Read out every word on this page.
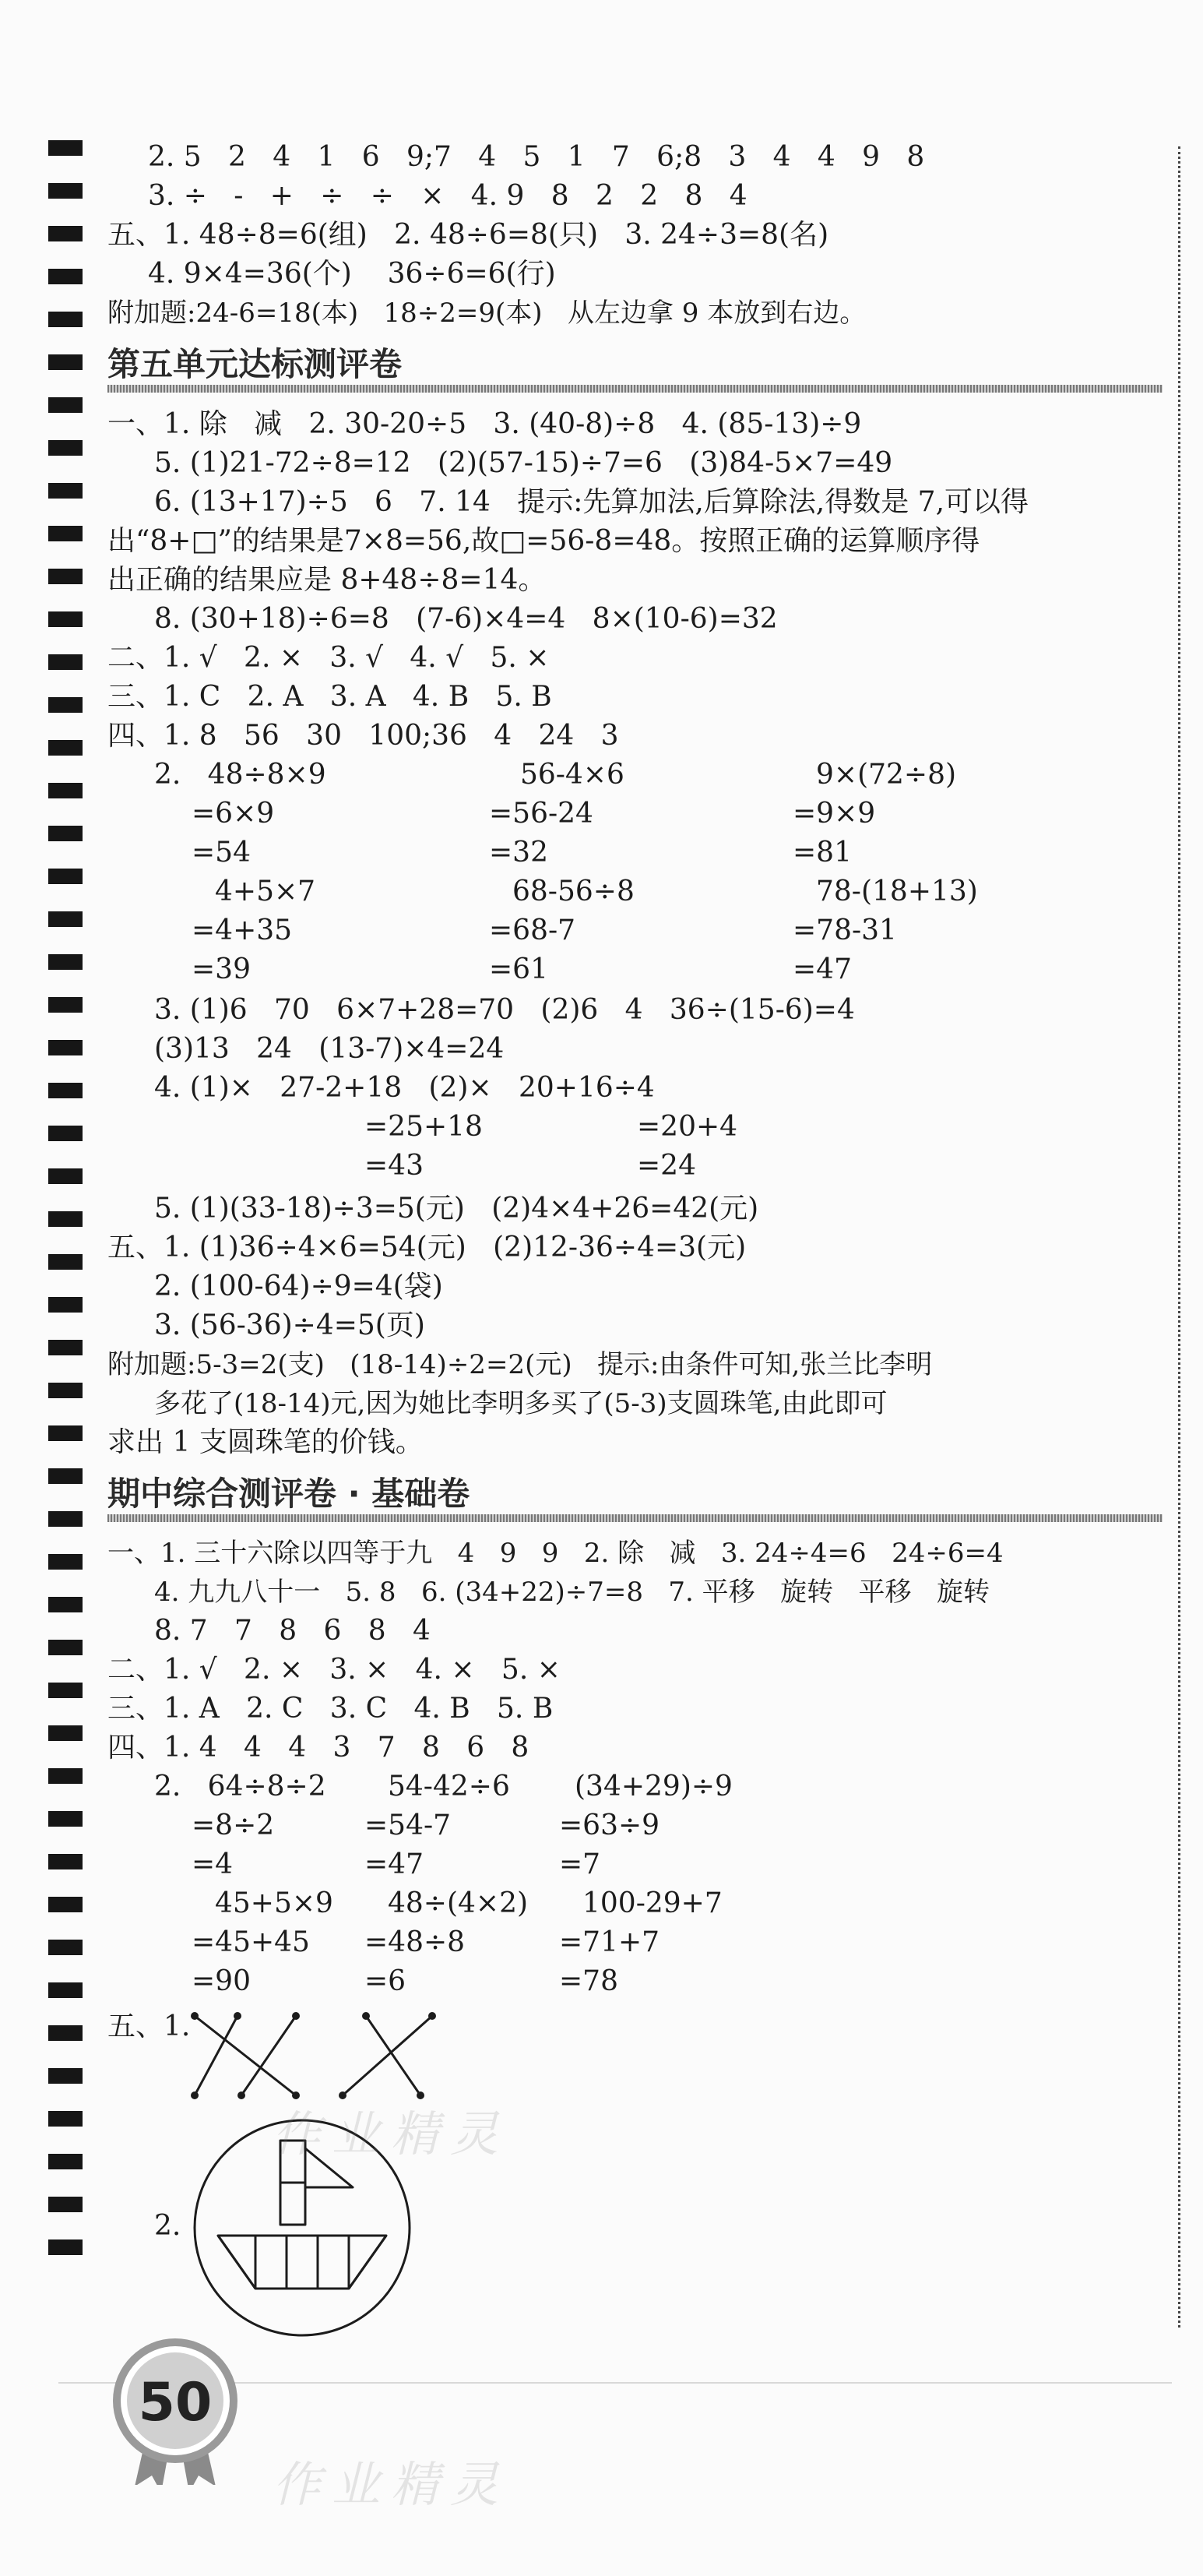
2. 5   2   4   1   6   9;7   4   5   1   7   6;8   3   4   4   9   8
3. ÷   -   +   ÷   ÷   ×   4. 9   8   2   2   8   4
五、1. 48÷8=6(组)   2. 48÷6=8(只)   3. 24÷3=8(名)
4. 9×4=36(个)    36÷6=6(行)
附加题:24-6=18(本)   18÷2=9(本)   从左边拿 9 本放到右边。
第五单元达标测评卷
一、1. 除   减   2. 30-20÷5   3. (40-8)÷8   4. (85-13)÷9
5. (1)21-72÷8=12   (2)(57-15)÷7=6   (3)84-5×7=49
6. (13+17)÷5   6   7. 14   提示:先算加法,后算除法,得数是 7,可以得
出“8+□”的结果是7×8=56,故□=56-8=48。按照正确的运算顺序得
出正确的结果应是 8+48÷8=14。
8. (30+18)÷6=8   (7-6)×4=4   8×(10-6)=32
二、1. √   2. ×   3. √   4. √   5. ×
三、1. C   2. A   3. A   4. B   5. B
四、1. 8   56   30   100;36   4   24   3
2.   48÷8×9
=6×9
=54
4+5×7
=4+35
=39
56-4×6
=56-24
=32
68-56÷8
=68-7
=61
9×(72÷8)
=9×9
=81
78-(18+13)
=78-31
=47
3. (1)6   70   6×7+28=70   (2)6   4   36÷(15-6)=4
(3)13   24   (13-7)×4=24
4. (1)×   27-2+18   (2)×   20+16÷4
=25+18
=43
=20+4
=24
5. (1)(33-18)÷3=5(元)   (2)4×4+26=42(元)
五、1. (1)36÷4×6=54(元)   (2)12-36÷4=3(元)
2. (100-64)÷9=4(袋)
3. (56-36)÷4=5(页)
附加题:5-3=2(支)   (18-14)÷2=2(元)   提示:由条件可知,张兰比李明
多花了(18-14)元,因为她比李明多买了(5-3)支圆珠笔,由此即可
求出 1 支圆珠笔的价钱。
期中综合测评卷 · 基础卷
一、1. 三十六除以四等于九   4   9   9   2. 除   减   3. 24÷4=6   24÷6=4
4. 九九八十一   5. 8   6. (34+22)÷7=8   7. 平移   旋转   平移   旋转
8. 7   7   8   6   8   4
二、1. √   2. ×   3. ×   4. ×   5. ×
三、1. A   2. C   3. C   4. B   5. B
四、1. 4   4   4   3   7   8   6   8
2.   64÷8÷2
=8÷2
=4
45+5×9
=45+45
=90
54-42÷6
=54-7
=47
48÷(4×2)
=48÷8
=6
(34+29)÷9
=63÷9
=7
100-29+7
=71+7
=78
五、1.
2.
作业精灵
50
作业精灵
